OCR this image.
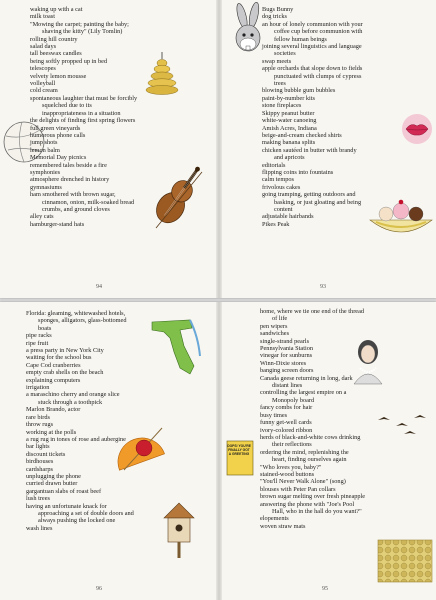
waking up with a cat
milk toast
"Mowing the carpet; painting the baby;
shaving the kitty" (Lily Tomlin)
rolling hill country
salad days
tall beeswax candles
being softly propped up in bed
telescopes
velvety lemon mousse
volleyball
cold cream
spontaneous laughter that must be forcibly
squelched due to its
inappropriateness in a situation
the delights of finding first spring flowers
full green vineyards
humorous phone calls
jump shots
lemon balm
Memorial Day picnics
remembered tales beside a fire
symphonies
atmosphere drenched in history
gymnasiums
ham smothered with brown sugar,
cinnamon, onion, milk-soaked bread
crumbs, and ground cloves
alley cats
hamburger-stand hats
94
Bugs Bunny
dog tricks
an hour of lonely communion with your
coffee cup before communion with
fellow human beings
joining several linguistics and language
societies
swap meets
apple orchards that slope down to fields
punctuated with clumps of cypress
trees
blowing bubble gum bubbles
paint-by-number kits
stone fireplaces
Skippy peanut butter
white-water canoeing
Amish Acres, Indiana
beige-and-cream checked shirts
making banana splits
chicken sautéed in butter with brandy
and apricots
editorials
flipping coins into fountains
calm tempos
frivolous cakes
going tramping, getting outdoors and
basking, or just gloating and being
content
adjustable hairbands
Pikes Peak
93
Florida: gleaming, whitewashed hotels,
sponges, alligators, glass-bottomed
boats
pipe racks
ripe fruit
a press party in New York City
waiting for the school bus
Cape Cod cranberries
empty crab shells on the beach
explaining computers
irrigation
a maraschino cherry and orange slice
stuck through a toothpick
Marlon Brando, actor
rare birds
throw rugs
working at the polls
a rug rug in tones of rose and aubergine
bar lights
discount tickets
birdhouses
cardsharps
unplugging the phone
curried drawn butter
gargantuan slabs of roast beef
lush trees
having an unfortunate knack for
approaching a set of double doors and
always pushing the locked one
wash lines
96
OOPS! YOU'RE FINALLY GOT A GREETING
home, where we tie one end of the thread
of life
pen wipers
sandwiches
single-strand pearls
Pennsylvania Station
vinegar for sunburns
Winn-Dixie stores
banging screen doors
Canada geese returning in long, dark
distant lines
controlling the largest empire on a
Monopoly board
fancy combs for hair
busy times
funny get-well cards
ivory-colored ribbon
herds of black-and-white cows drinking
their reflections
ordering the mind, replenishing the
heart, finding ourselves again
"Who loves you, baby?"
stained-wood buttons
"You'll Never Walk Alone" (song)
blouses with Peter Pan collars
brown sugar melting over fresh pineapple
answering the phone with "Joe's Pool
Hall, who in the hall do you want?"
elopements
woven straw mats
95
